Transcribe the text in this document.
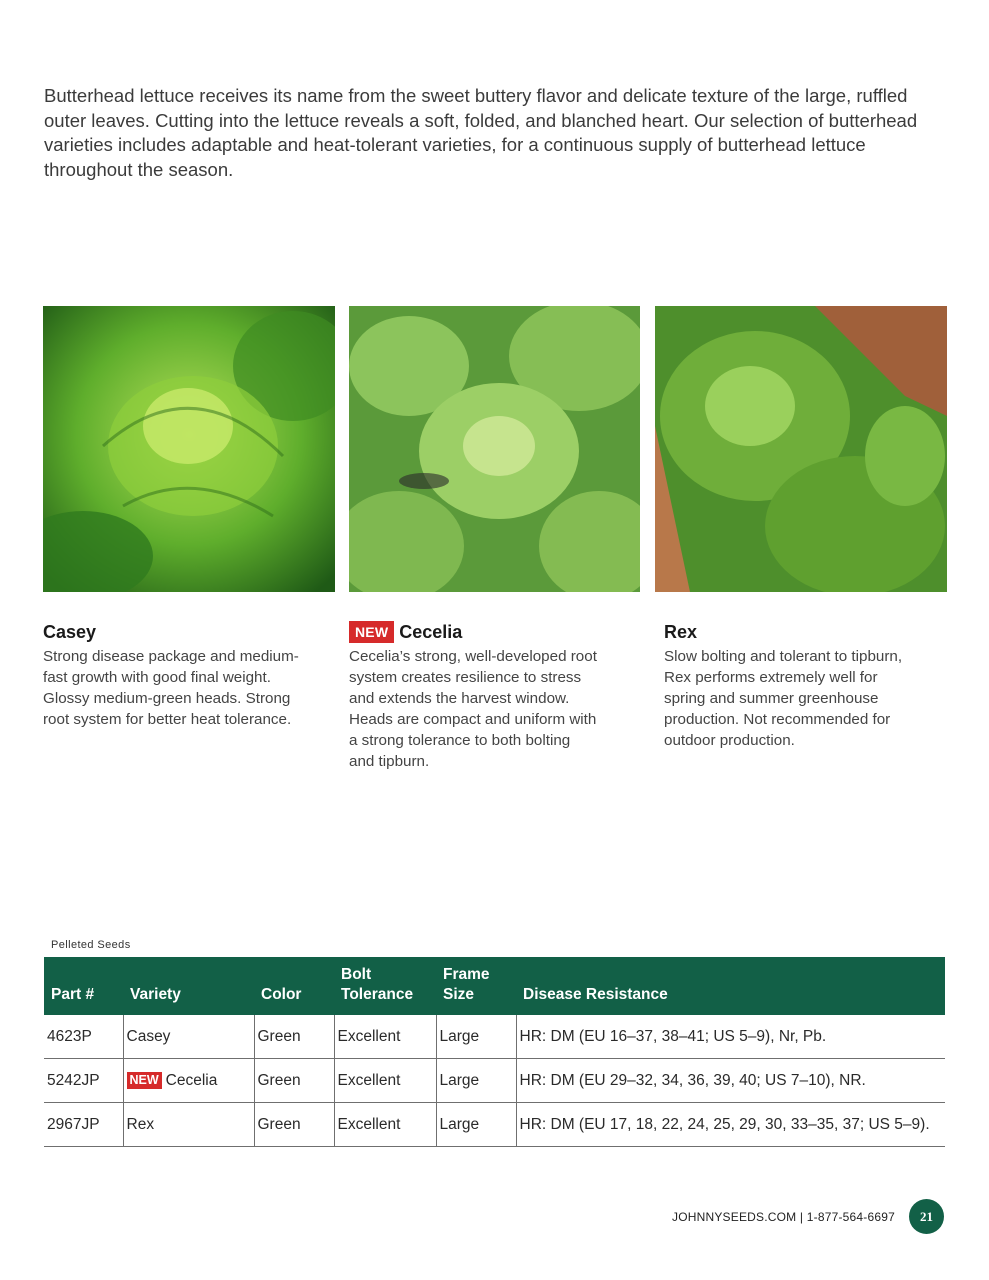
Butterhead lettuce receives its name from the sweet buttery flavor and delicate texture of the large, ruffled outer leaves. Cutting into the lettuce reveals a soft, folded, and blanched heart. Our selection of butterhead varieties includes adaptable and heat-tolerant varieties, for a continuous supply of butterhead lettuce throughout the season.

Casey

Strong disease package and medium-fast growth with good final weight. Glossy medium-green heads. Strong root system for better heat tolerance.

NEW Cecelia

Cecelia’s strong, well-developed root system creates resilience to stress and extends the harvest window. Heads are compact and uniform with a strong tolerance to both bolting and tipburn.

Rex

Slow bolting and tolerant to tipburn, Rex performs extremely well for spring and summer greenhouse production. Not recommended for outdoor production.

Pelleted Seeds
Part #	Variety	Color	Bolt Tolerance	Frame Size	Disease Resistance
4623P	Casey	Green	Excellent	Large	HR: DM (EU 16–37, 38–41; US 5–9), Nr, Pb.
5242JP	NEW Cecelia	Green	Excellent	Large	HR: DM (EU 29–32, 34, 36, 39, 40; US 7–10), NR.
2967JP	Rex	Green	Excellent	Large	HR: DM (EU 17, 18, 22, 24, 25, 29, 30, 33–35, 37; US 5–9).
JOHNNYSEEDS.COM | 1-877-564-6697	21
